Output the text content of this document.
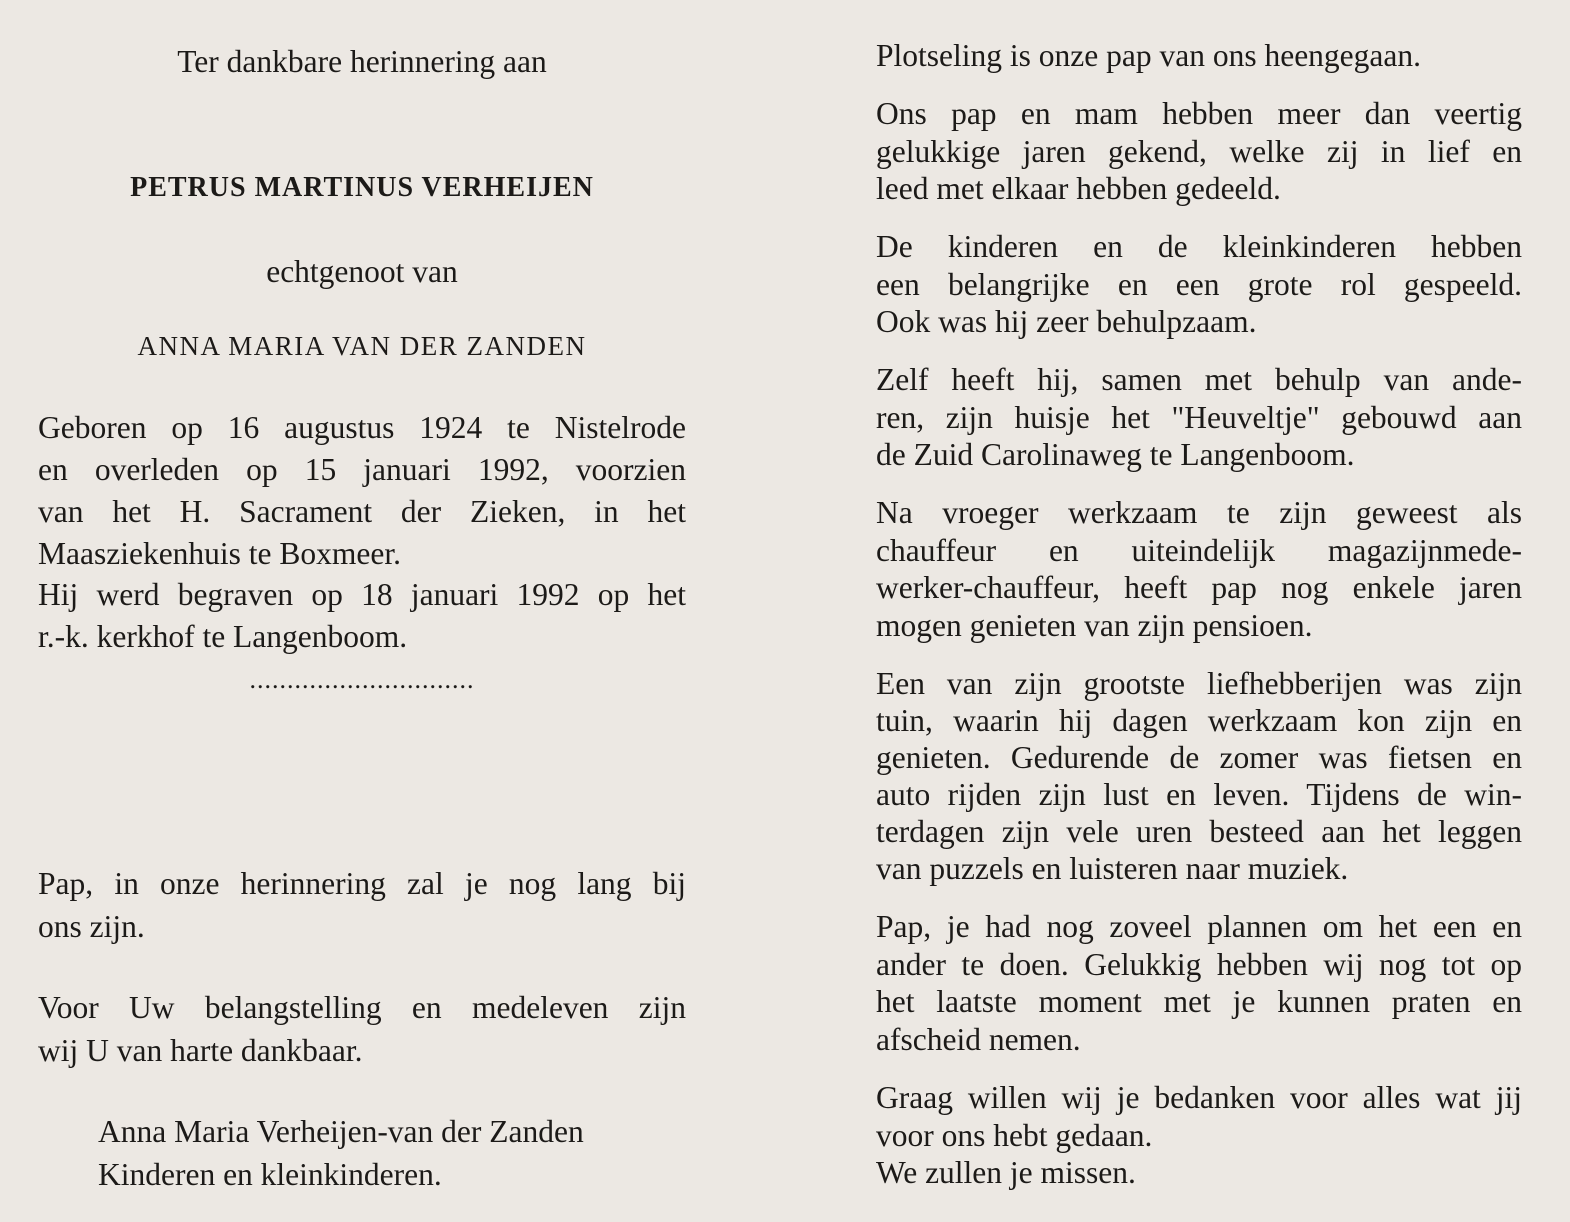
Ter dankbare herinnering aan
PETRUS MARTINUS VERHEIJEN
echtgenoot van
ANNA MARIA VAN DER ZANDEN
Geboren op 16 augustus 1924 te Nistelrode
en overleden op 15 januari 1992, voorzien
van het H. Sacrament der Zieken, in het
Maasziekenhuis te Boxmeer.
Hij werd begraven op 18 januari 1992 op het
r.-k. kerkhof te Langenboom.
..............................
Pap, in onze herinnering zal je nog lang bij
ons zijn.
Voor Uw belangstelling en medeleven zijn
wij U van harte dankbaar.
Anna Maria Verheijen-van der Zanden
Kinderen en kleinkinderen.
Plotseling is onze pap van ons heengegaan.
Ons pap en mam hebben meer dan veertig
gelukkige jaren gekend, welke zij in lief en
leed met elkaar hebben gedeeld.
De kinderen en de kleinkinderen hebben
een belangrijke en een grote rol gespeeld.
Ook was hij zeer behulpzaam.
Zelf heeft hij, samen met behulp van ande-
ren, zijn huisje het "Heuveltje" gebouwd aan
de Zuid Carolinaweg te Langenboom.
Na vroeger werkzaam te zijn geweest als
chauffeur en uiteindelijk magazijnmede-
werker-chauffeur, heeft pap nog enkele jaren
mogen genieten van zijn pensioen.
Een van zijn grootste liefhebberijen was zijn
tuin, waarin hij dagen werkzaam kon zijn en
genieten. Gedurende de zomer was fietsen en
auto rijden zijn lust en leven. Tijdens de win-
terdagen zijn vele uren besteed aan het leggen
van puzzels en luisteren naar muziek.
Pap, je had nog zoveel plannen om het een en
ander te doen. Gelukkig hebben wij nog tot op
het laatste moment met je kunnen praten en
afscheid nemen.
Graag willen wij je bedanken voor alles wat jij
voor ons hebt gedaan.
We zullen je missen.
